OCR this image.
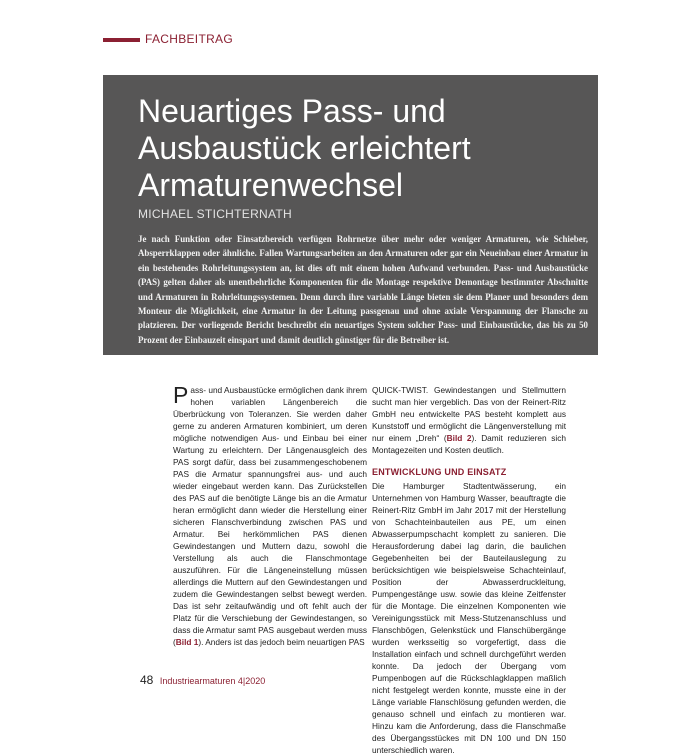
FACHBEITRAG
Neuartiges Pass- und Ausbaustück erleichtert Armaturenwechsel
MICHAEL STICHTERNATH

Je nach Funktion oder Einsatzbereich verfügen Rohrnetze über mehr oder weniger Armaturen, wie Schieber, Absperrklappen oder ähnliche. Fallen Wartungsarbeiten an den Armaturen oder gar ein Neueinbau einer Armatur in ein bestehendes Rohrleitungssystem an, ist dies oft mit einem hohen Aufwand verbunden. Pass- und Ausbaustücke (PAS) gelten daher als unentbehrliche Komponenten für die Montage respektive Demontage bestimmter Abschnitte und Armaturen in Rohrleitungssystemen. Denn durch ihre variable Länge bieten sie dem Planer und besonders dem Monteur die Möglichkeit, eine Armatur in der Leitung passgenau und ohne axiale Verspannung der Flansche zu platzieren. Der vorliegende Bericht beschreibt ein neuartiges System solcher Pass- und Einbaustücke, das bis zu 50 Prozent der Einbauzeit einspart und damit deutlich günstiger für die Betreiber ist.

Pass- und Ausbaustücke ermöglichen dank ihrem hohen variablen Längenbereich die Überbrückung von Toleranzen. Sie werden daher gerne zu anderen Armaturen kombiniert, um deren mögliche notwendigen Aus- und Einbau bei einer Wartung zu erleichtern. Der Längenausgleich des PAS sorgt dafür, dass bei zusammengeschobenem PAS die Armatur spannungsfrei aus- und auch wieder eingebaut werden kann. Das Zurückstellen des PAS auf die benötigte Länge bis an die Armatur heran ermöglicht dann wieder die Herstellung einer sicheren Flanschverbindung zwischen PAS und Armatur. Bei herkömmlichen PAS dienen Gewindestangen und Muttern dazu, sowohl die Verstellung als auch die Flanschmontage auszuführen. Für die Längeneinstellung müssen allerdings die Muttern auf den Gewindestangen und zudem die Gewindestangen selbst bewegt werden. Das ist sehr zeitaufwändig und oft fehlt auch der Platz für die Verschiebung der Gewindestangen, so dass die Armatur samt PAS ausgebaut werden muss (Bild 1). Anders ist das jedoch beim neuartigen PAS

QUICK-TWIST. Gewindestangen und Stellmuttern sucht man hier vergeblich. Das von der Reinert-Ritz GmbH neu entwickelte PAS besteht komplett aus Kunststoff und ermöglicht die Längenverstellung mit nur einem „Dreh“ (Bild 2). Damit reduzieren sich Montagezeiten und Kosten deutlich.

ENTWICKLUNG UND EINSATZ

Die Hamburger Stadtentwässerung, ein Unternehmen von Hamburg Wasser, beauftragte die Reinert-Ritz GmbH im Jahr 2017 mit der Herstellung von Schachteinbauteilen aus PE, um einen Abwasserpumpschacht komplett zu sanieren. Die Herausforderung dabei lag darin, die baulichen Gegebenheiten bei der Bauteilauslegung zu berücksichtigen wie beispielsweise Schachteinlauf, Position der Abwasserdruckleitung, Pumpengestänge usw. sowie das kleine Zeitfenster für die Montage. Die einzelnen Komponenten wie Vereinigungsstück mit Mess-Stutzenanschluss und Flanschbögen, Gelenkstück und Flanschübergänge wurden werksseitig so vorgefertigt, dass die Installation einfach und schnell durchgeführt werden konnte. Da jedoch der Übergang vom Pumpenbogen auf die Rückschlagklappen maßlich nicht festgelegt werden konnte, musste eine in der Länge variable Flanschlösung gefunden werden, die genauso schnell und einfach zu montieren war. Hinzu kam die Anforderung, dass die Flanschmaße des Übergangsstückes mit DN 100 und DN 150 unterschiedlich waren.

48 Industriearmaturen 4|2020
